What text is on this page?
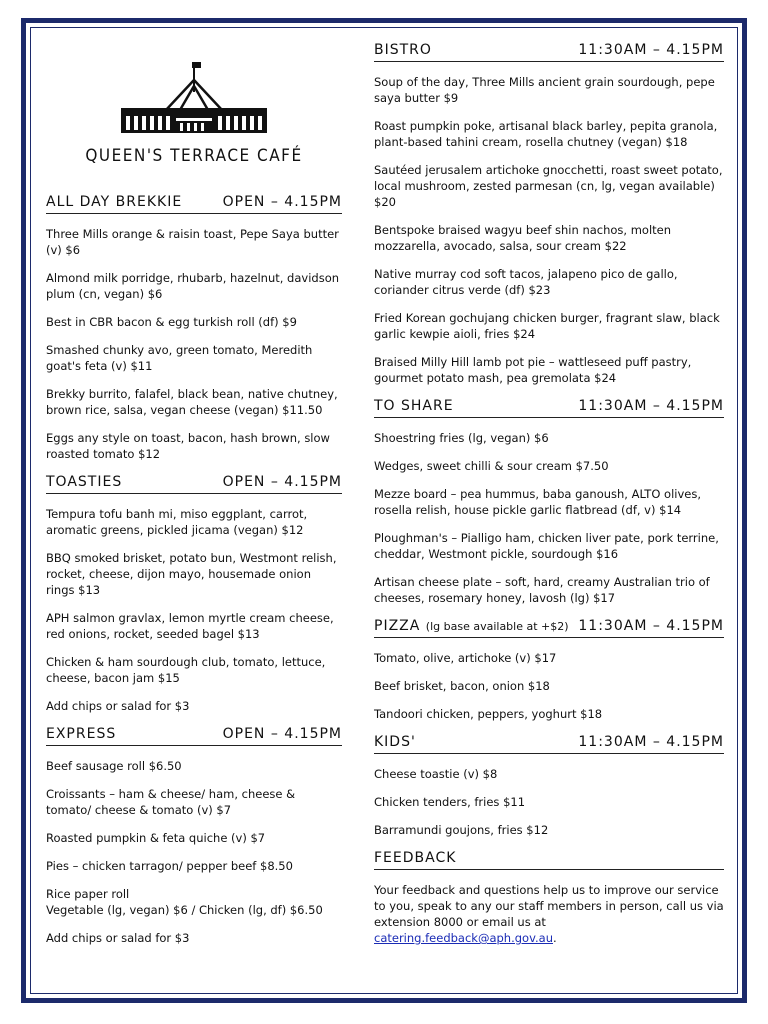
QUEEN'S TERRACE CAFÉ
ALL DAY BREKKIE	OPEN – 4.15PM
Three Mills orange & raisin toast, Pepe Saya butter (v) $6
Almond milk porridge, rhubarb, hazelnut, davidson plum (cn, vegan) $6
Best in CBR bacon & egg turkish roll (df) $9
Smashed chunky avo, green tomato, Meredith goat's feta (v) $11
Brekky burrito, falafel, black bean, native chutney, brown rice, salsa, vegan cheese (vegan) $11.50
Eggs any style on toast, bacon, hash brown, slow roasted tomato $12
TOASTIES	OPEN – 4.15PM
Tempura tofu banh mi, miso eggplant, carrot, aromatic greens, pickled jicama (vegan) $12
BBQ smoked brisket, potato bun, Westmont relish, rocket, cheese, dijon mayo, housemade onion rings $13
APH salmon gravlax, lemon myrtle cream cheese, red onions, rocket, seeded bagel $13
Chicken & ham sourdough club, tomato, lettuce, cheese, bacon jam $15
Add chips or salad for $3
EXPRESS	OPEN – 4.15PM
Beef sausage roll $6.50
Croissants – ham & cheese/ ham, cheese & tomato/ cheese & tomato (v) $7
Roasted pumpkin & feta quiche (v) $7
Pies – chicken tarragon/ pepper beef $8.50
Rice paper roll
Vegetable (lg, vegan) $6 / Chicken (lg, df) $6.50
Add chips or salad for $3
BISTRO	11:30AM – 4.15PM
Soup of the day, Three Mills ancient grain sourdough, pepe saya butter $9
Roast pumpkin poke, artisanal black barley, pepita granola, plant-based tahini cream, rosella chutney (vegan) $18
Sautéed jerusalem artichoke gnocchetti, roast sweet potato, local mushroom, zested parmesan (cn, lg, vegan available) $20
Bentspoke braised wagyu beef shin nachos, molten mozzarella, avocado, salsa, sour cream $22
Native murray cod soft tacos, jalapeno pico de gallo, coriander citrus verde (df) $23
Fried Korean gochujang chicken burger, fragrant slaw, black garlic kewpie aioli, fries $24
Braised Milly Hill lamb pot pie – wattleseed puff pastry, gourmet potato mash, pea gremolata $24
TO SHARE	11:30AM – 4.15PM
Shoestring fries (lg, vegan) $6
Wedges, sweet chilli & sour cream $7.50
Mezze board – pea hummus, baba ganoush, ALTO olives, rosella relish, house pickle garlic flatbread (df, v) $14
Ploughman's – Pialligo ham, chicken liver pate, pork terrine, cheddar, Westmont pickle, sourdough $16
Artisan cheese plate – soft, hard, creamy Australian trio of cheeses, rosemary honey, lavosh (lg) $17
PIZZA (lg base available at +$2) 11:30AM – 4.15PM
Tomato, olive, artichoke (v) $17
Beef brisket, bacon, onion $18
Tandoori chicken, peppers, yoghurt $18
KIDS'	11:30AM – 4.15PM
Cheese toastie (v) $8
Chicken tenders, fries $11
Barramundi goujons, fries $12
FEEDBACK
Your feedback and questions help us to improve our service to you, speak to any our staff members in person, call us via extension 8000 or email us at catering.feedback@aph.gov.au.
